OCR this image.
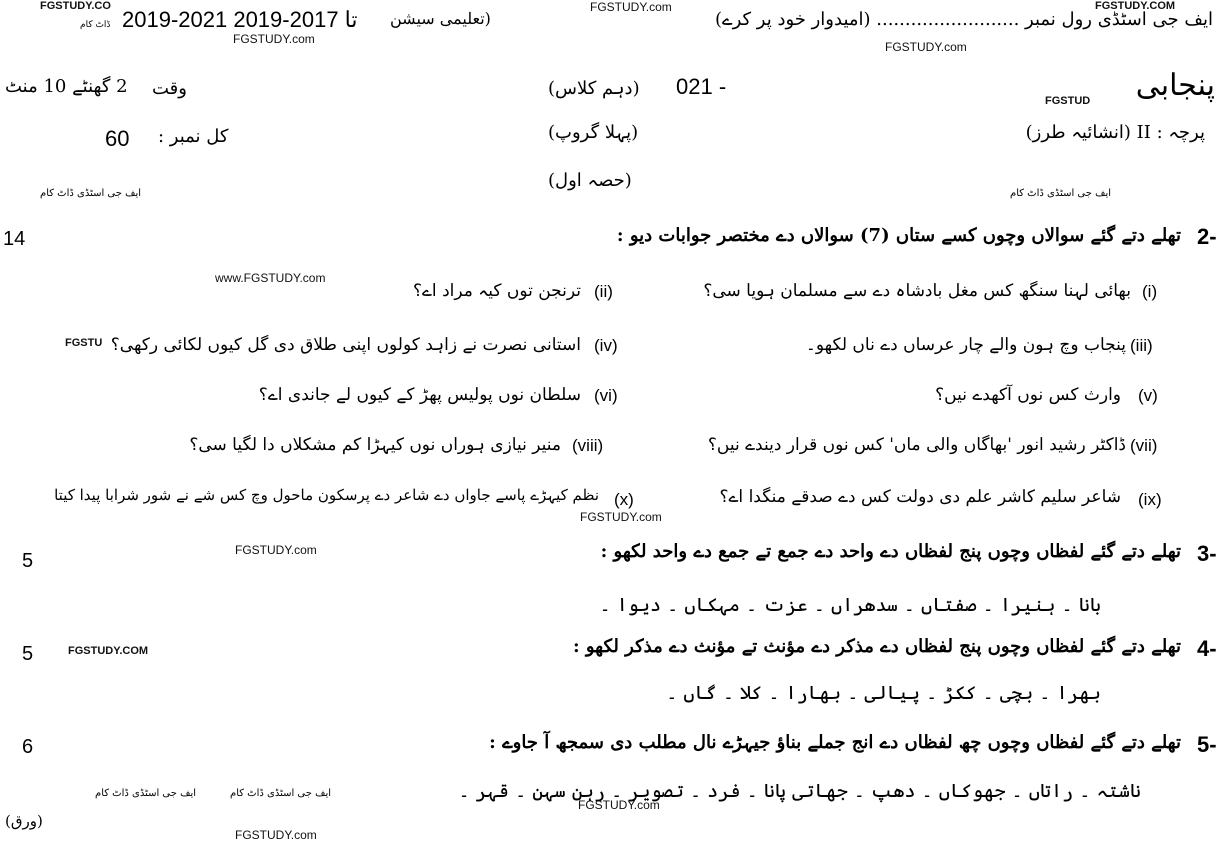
FGSTUDY.CO	FGSTUDY.COM
FGSTUDY.com
FGSTUDY.com
FGSTUDY.com
www.FGSTUDY.com
FGSTU
FGSTUDY.com
FGSTUDY.com
FGSTUDY.COM
FGSTUDY.com
FGSTUDY.com
ڈاٹ کام
ایف جی اسٹڈی ڈاٹ کام	ایف جی اسٹڈی ڈاٹ کام
ایف جی اسٹڈی ڈاٹ کام	ایف جی اسٹڈی ڈاٹ کام
ایف جی اسٹڈی رول نمبر ......................... (امیدوار خود پر کرے)
(تعلیمی سیشن
2019-2021 تا 2017-2019
پنجابی
FGSTUD
پرچہ : II (انشائیہ طرز)
(دہم کلاس) 021 -
(پہلا گروپ)
(حصہ اول)
وقت
2 گھنٹے 10 منٹ
کل نمبر :
60
2-
تھلے دتے گئے سوالاں وچوں کسے ستاں (7) سوالاں دے مختصر جوابات دیو :
14
(i)
بھائی لہنا سنگھ کس مغل بادشاہ دے سے مسلمان ہویا سی؟
(ii)
ترنجن توں کیہ مراد اے؟
(iii)
پنجاب وچ ہون والے چار عرساں دے ناں لکھو۔
(iv)
استانی نصرت نے زاہد کولوں اپنی طلاق دی گل کیوں لکائی رکھی؟
(v)
وارث کس نوں آکھدے نیں؟
(vi)
سلطان نوں پولیس پھڑ کے کیوں لے جاندی اے؟
(vii)
ڈاکٹر رشید انور 'بھاگاں والی ماں' کس نوں قرار دیندے نیں؟
(viii)
منیر نیازی ہوراں نوں کیہڑا کم مشکلاں دا لگیا سی؟
(ix)
شاعر سلیم کاشر علم دی دولت کس دے صدقے منگدا اے؟
(x)
نظم کیہڑے پاسے جاواں دے شاعر دے پرسکون ماحول وچ کس شے نے شور شرابا پیدا کیتا
3-
تھلے دتے گئے لفظاں وچوں پنج لفظاں دے واحد دے جمع تے جمع دے واحد لکھو :
5
بانا ۔ ہنیرا ۔ صفتاں ۔ سدھراں ۔ عزت ۔ مہکاں ۔ دیوا ۔
4-
تھلے دتے گئے لفظاں وچوں پنج لفظاں دے مذکر دے مؤنث تے مؤنث دے مذکر لکھو :
5
بھرا ۔ بچی ۔ ککڑ ۔ پیالی ۔ بھارا ۔ کلا ۔ گاں ۔
5-
تھلے دتے گئے لفظاں وچوں چھ لفظاں دے انج جملے بناؤ جیہڑے نال مطلب دی سمجھ آ جاوے :
6
ناشتہ ۔ راتاں ۔ جھوکاں ۔ دھپ ۔ جھاتی پانا ۔ فرد ۔ تصویر ۔ رہن سہن ۔ قہر ۔
(ورق)
